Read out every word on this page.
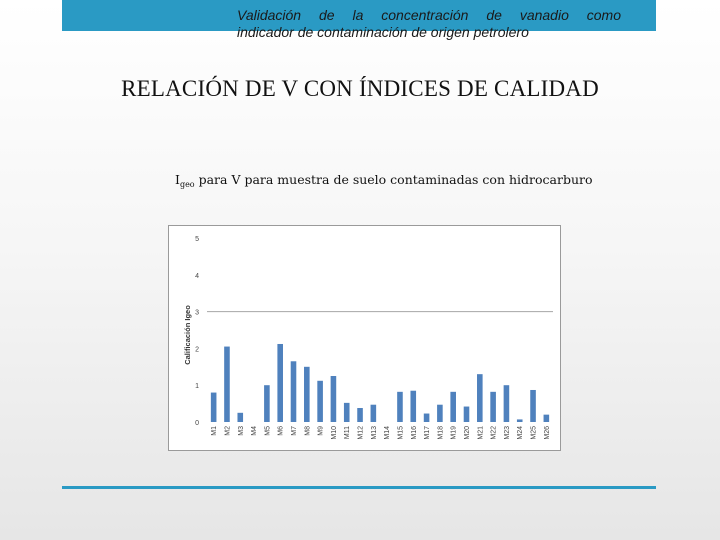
Validación de la concentración de vanadio como
indicador de contaminación de origen petrolero
RELACIÓN DE V CON ÍNDICES DE CALIDAD
$I_{geo}$ para V para muestra de suelo contaminadas con hidrocarburo
0
1
2
3
4
5
Calificación Igeo
M1 M2 M3 M4 M5 M6 M7 M8 M9 M10 M11 M12 M13 M14 M15 M16 M17 M18 M19 M20 M21 M22 M23 M24 M25 M26
